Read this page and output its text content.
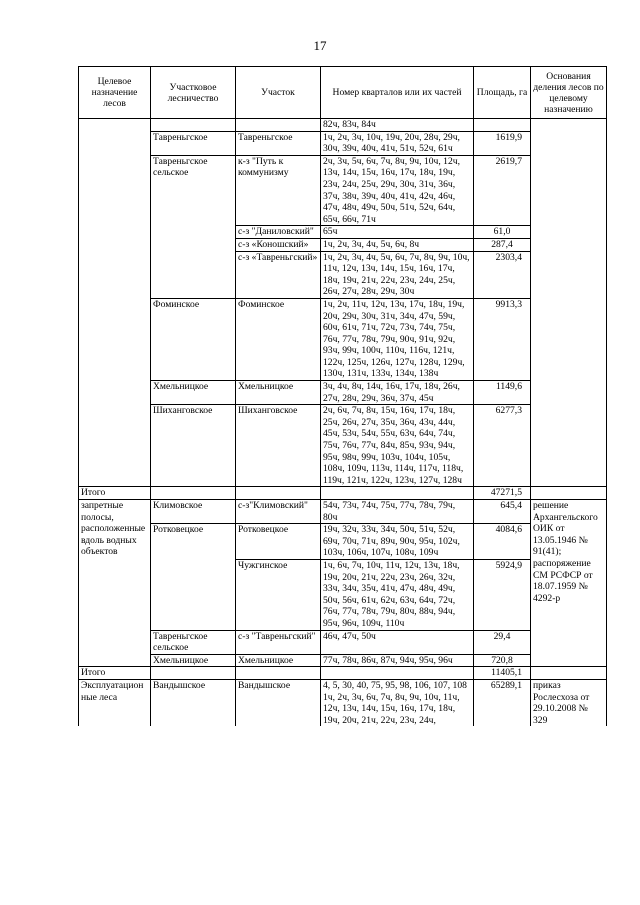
17
Целевое назначение лесов	Участковое лесничество	Участок	Номер кварталов или их частей	Площадь, га	Основания деления лесов по целевому назначению
			82ч, 83ч, 84ч		
	Тавреньгское	Тавреньгское	1ч, 2ч, 3ч, 10ч, 19ч, 20ч, 28ч, 29ч, 30ч, 39ч, 40ч, 41ч, 51ч, 52ч, 61ч	1619,9	
	Тавреньгское сельское	к-з "Путь к коммунизму	2ч, 3ч, 5ч, 6ч, 7ч, 8ч, 9ч, 10ч, 12ч, 13ч, 14ч, 15ч, 16ч, 17ч, 18ч, 19ч, 23ч, 24ч, 25ч, 29ч, 30ч, 31ч, 36ч, 37ч, 38ч, 39ч, 40ч, 41ч, 42ч, 46ч, 47ч, 48ч, 49ч, 50ч, 51ч, 52ч, 64ч, 65ч, 66ч, 71ч	2619,7	
		с-з "Даниловский"	65ч	61,0	
		с-з «Коношский»	1ч, 2ч, 3ч, 4ч, 5ч, 6ч, 8ч	287,4	
		с-з «Тавреньгский»	1ч, 2ч, 3ч, 4ч, 5ч, 6ч, 7ч, 8ч, 9ч, 10ч, 11ч, 12ч, 13ч, 14ч, 15ч, 16ч, 17ч, 18ч, 19ч, 21ч, 22ч, 23ч, 24ч, 25ч, 26ч, 27ч, 28ч, 29ч, 30ч	2303,4	
	Фоминское	Фоминское	1ч, 2ч, 11ч, 12ч, 13ч, 17ч, 18ч, 19ч, 20ч, 29ч, 30ч, 31ч, 34ч, 47ч, 59ч, 60ч, 61ч, 71ч, 72ч, 73ч, 74ч, 75ч, 76ч, 77ч, 78ч, 79ч, 90ч, 91ч, 92ч, 93ч, 99ч, 100ч, 110ч, 116ч, 121ч, 122ч, 125ч, 126ч, 127ч, 128ч, 129ч, 130ч, 131ч, 133ч, 134ч, 138ч	9913,3	
	Хмельницкое	Хмельницкое	3ч, 4ч, 8ч, 14ч, 16ч, 17ч, 18ч, 26ч, 27ч, 28ч, 29ч, 36ч, 37ч, 45ч	1149,6	
	Шиханговское	Шиханговское	2ч, 6ч, 7ч, 8ч, 15ч, 16ч, 17ч, 18ч, 25ч, 26ч, 27ч, 35ч, 36ч, 43ч, 44ч, 45ч, 53ч, 54ч, 55ч, 63ч, 64ч, 74ч, 75ч, 76ч, 77ч, 84ч, 85ч, 93ч, 94ч, 95ч, 98ч, 99ч, 103ч, 104ч, 105ч, 108ч, 109ч, 113ч, 114ч, 117ч, 118ч, 119ч, 121ч, 122ч, 123ч, 127ч, 128ч	6277,3	
Итого				47271,5	
запретные полосы, расположенные вдоль водных объектов	Климовское	с-з"Климовский"	54ч, 73ч, 74ч, 75ч, 77ч, 78ч, 79ч, 80ч	645,4	решение Архангельского ОИК от 13.05.1946 № 91(41); распоряжение СМ РСФСР от 18.07.1959 № 4292-р
	Ротковецкое	Ротковецкое	19ч, 32ч, 33ч, 34ч, 50ч, 51ч, 52ч, 69ч, 70ч, 71ч, 89ч, 90ч, 95ч, 102ч, 103ч, 106ч, 107ч, 108ч, 109ч	4084,6	
		Чужгинское	1ч, 6ч, 7ч, 10ч, 11ч, 12ч, 13ч, 18ч, 19ч, 20ч, 21ч, 22ч, 23ч, 26ч, 32ч, 33ч, 34ч, 35ч, 41ч, 47ч, 48ч, 49ч, 50ч, 56ч, 61ч, 62ч, 63ч, 64ч, 72ч, 76ч, 77ч, 78ч, 79ч, 80ч, 88ч, 94ч, 95ч, 96ч, 109ч, 110ч	5924,9	
	Тавреньгское сельское	с-з "Тавреньгский"	46ч, 47ч, 50ч	29,4	
	Хмельницкое	Хмельницкое	77ч, 78ч, 86ч, 87ч, 94ч, 95ч, 96ч	720,8	
Итого				11405,1	
Эксплуатацион ные леса	Вандышское	Вандышское	4, 5, 30, 40, 75, 95, 98, 106, 107, 108 1ч, 2ч, 3ч, 6ч, 7ч, 8ч, 9ч, 10ч, 11ч, 12ч, 13ч, 14ч, 15ч, 16ч, 17ч, 18ч, 19ч, 20ч, 21ч, 22ч, 23ч, 24ч,	65289,1	приказ Рослесхоза от 29.10.2008 № 329
